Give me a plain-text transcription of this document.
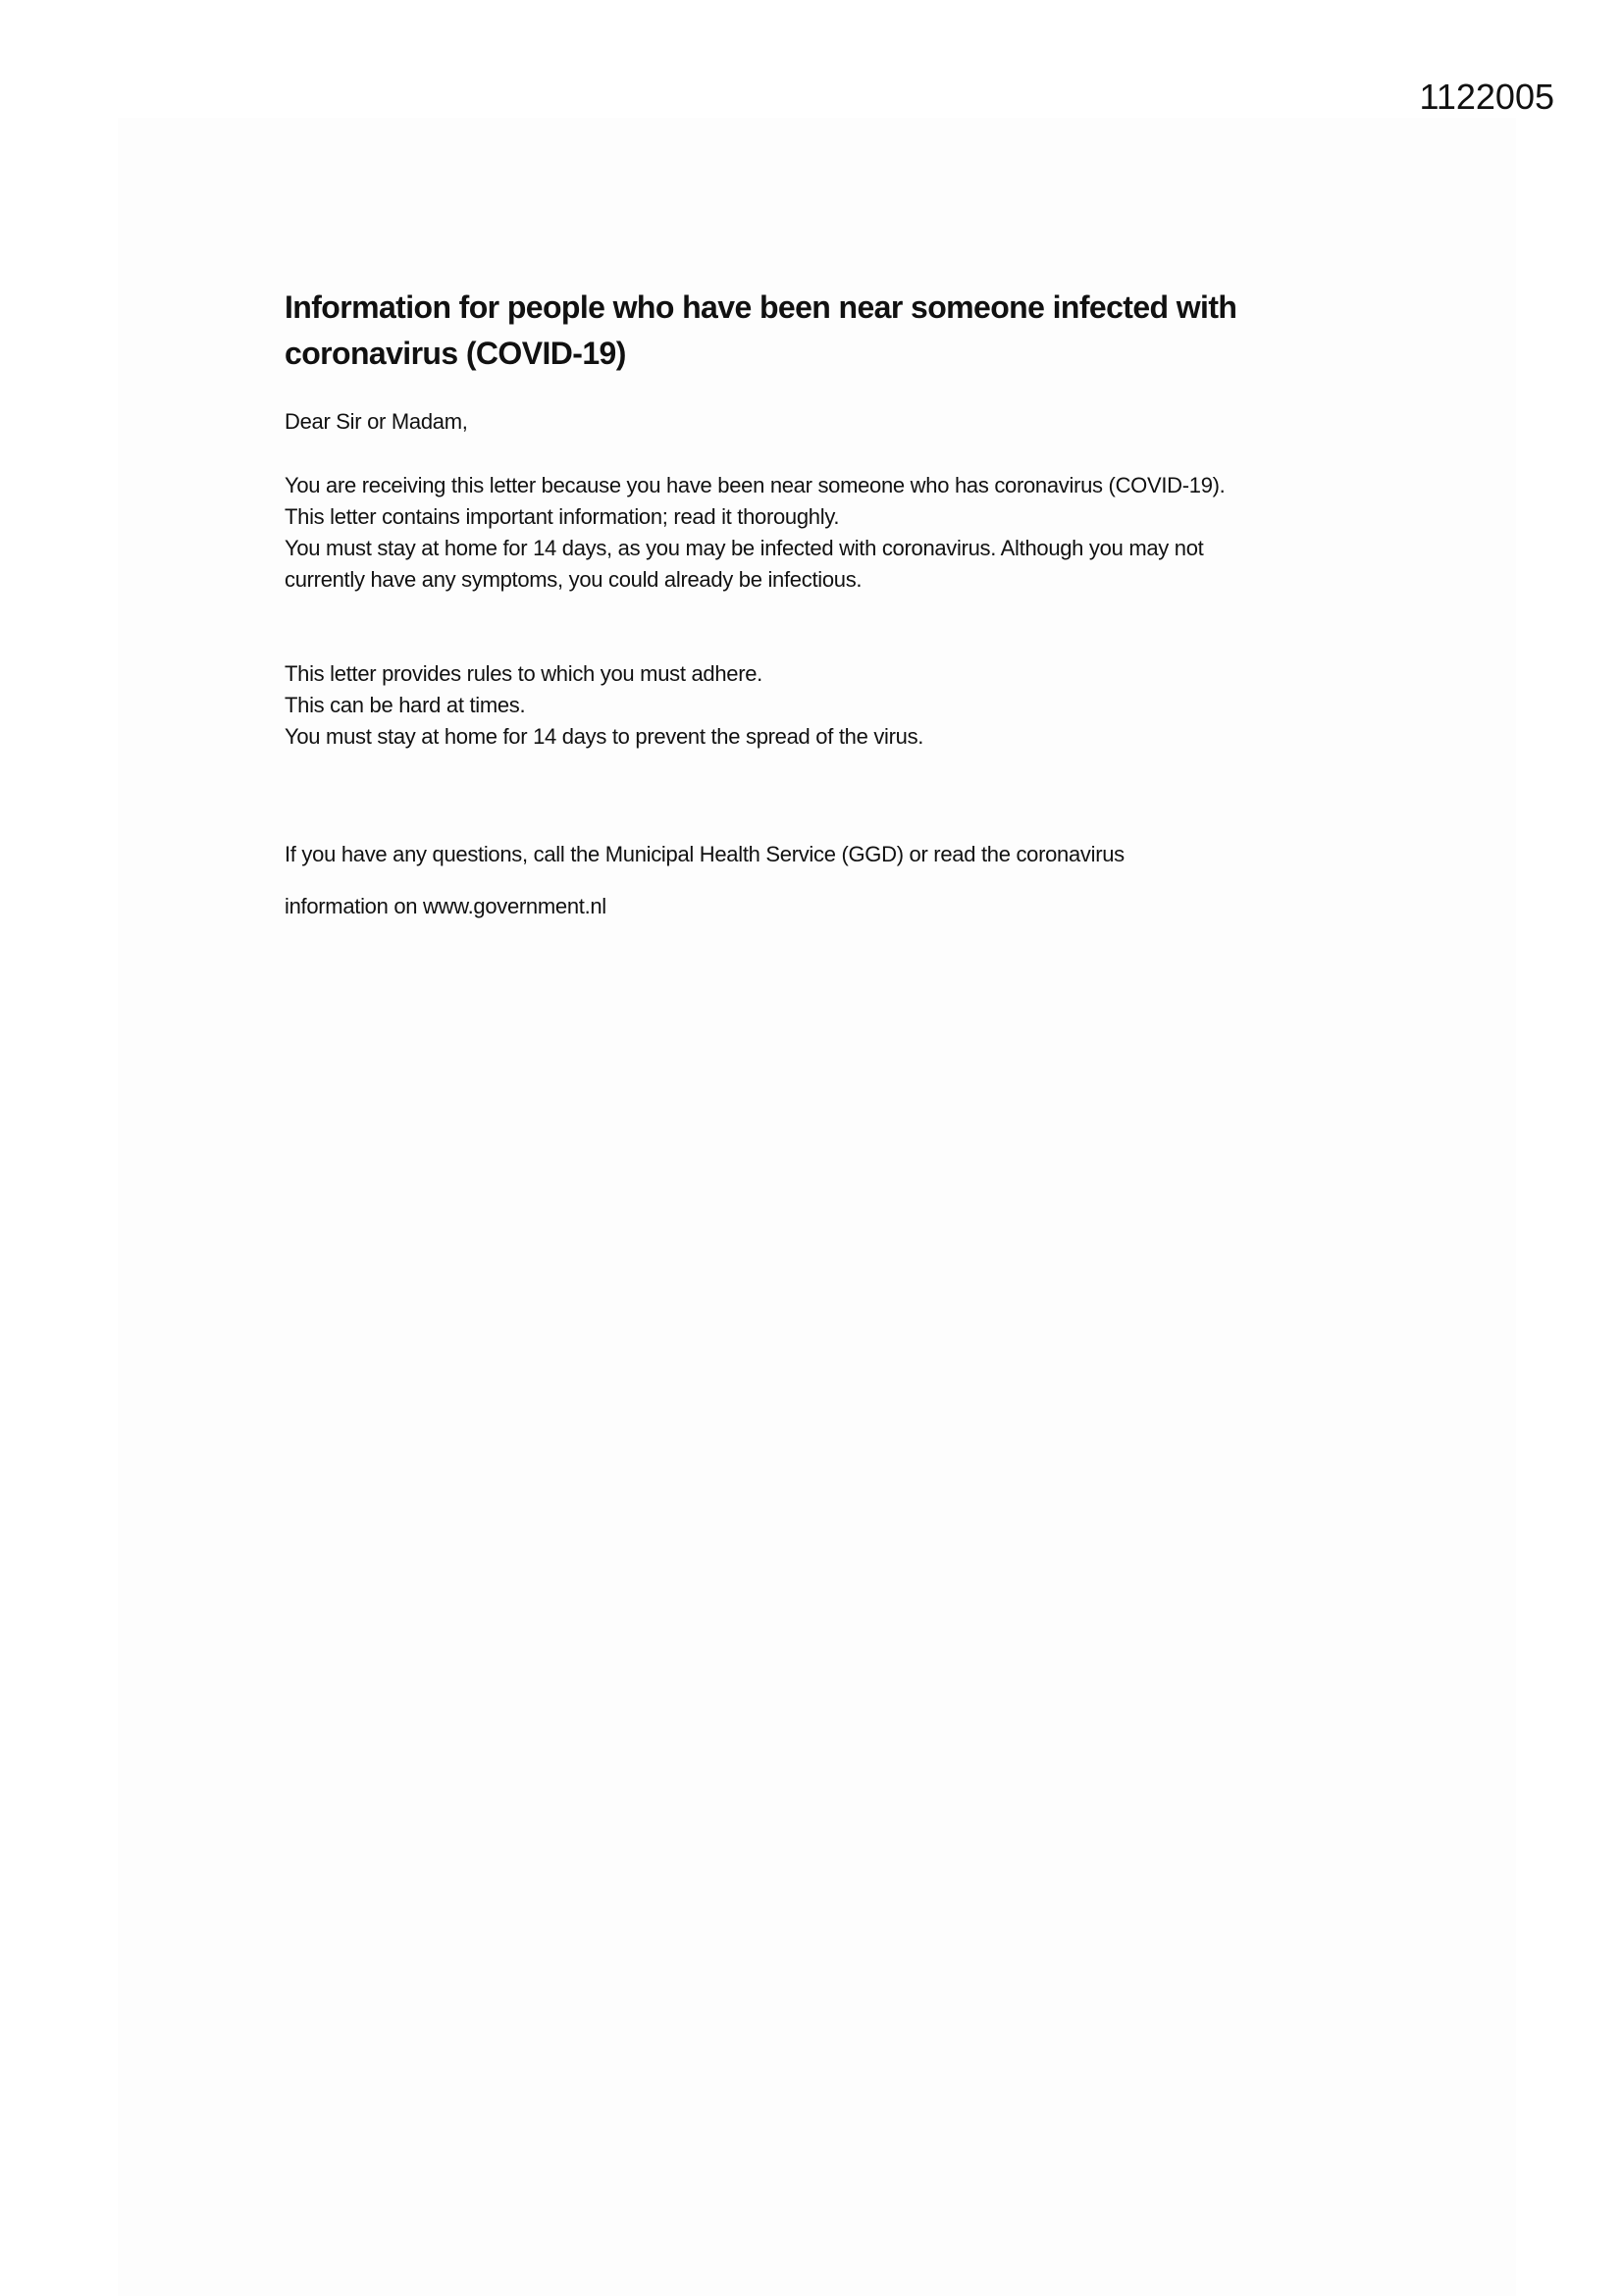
1122005
Information for people who have been near someone infected with coronavirus (COVID-19)
Dear Sir or Madam,
You are receiving this letter because you have been near someone who has coronavirus (COVID-19).
This letter contains important information; read it thoroughly.
You must stay at home for 14 days, as you may be infected with coronavirus. Although you may not
currently have any symptoms, you could already be infectious.
This letter provides rules to which you must adhere.
This can be hard at times.
You must stay at home for 14 days to prevent the spread of the virus.
If you have any questions, call the Municipal Health Service (GGD) or read the coronavirus
information on www.government.nl
